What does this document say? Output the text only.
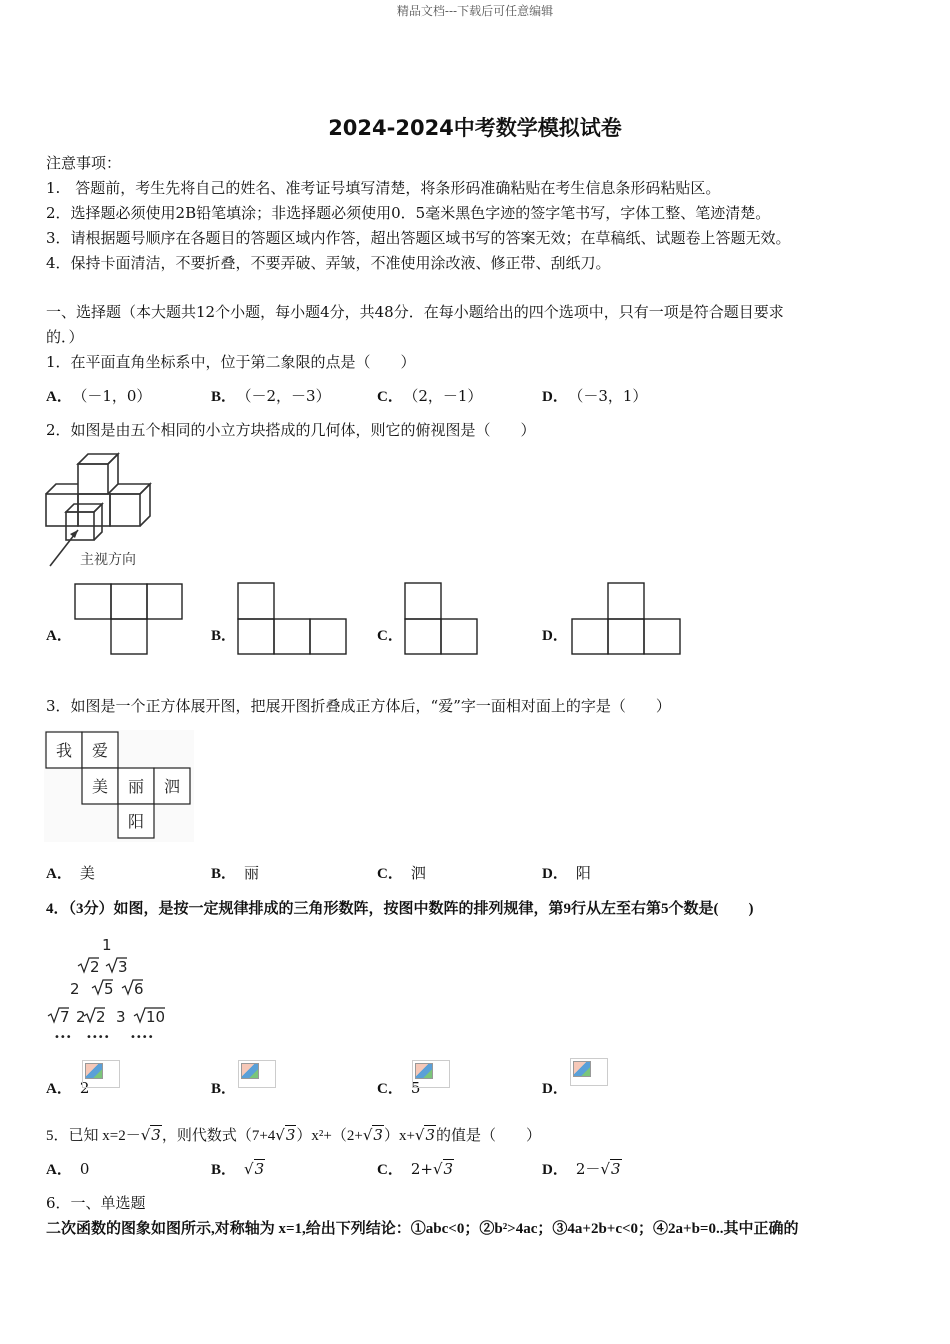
精品文档---下载后可任意编辑
2024-2024中考数学模拟试卷
注意事项：
1.　答题前，考生先将自己的姓名、准考证号填写清楚，将条形码准确粘贴在考生信息条形码粘贴区。
2．选择题必须使用2B铅笔填涂；非选择题必须使用0．5毫米黑色字迹的签字笔书写，字体工整、笔迹清楚。
3．请根据题号顺序在各题目的答题区域内作答，超出答题区域书写的答案无效；在草稿纸、试题卷上答题无效。
4．保持卡面清洁，不要折叠，不要弄破、弄皱，不准使用涂改液、修正带、刮纸刀。
一、选择题（本大题共12个小题，每小题4分，共48分．在每小题给出的四个选项中，只有一项是符合题目要求
的．）
1．在平面直角坐标系中，位于第二象限的点是（　　）
A． （－1，0）	B． （－2，－3）	C． （2，－1）	D． （－3，1）
2．如图是由五个相同的小立方块搭成的几何体，则它的俯视图是（　　）
主视方向
A．	B．	C．	D．
3．如图是一个正方体展开图，把展开图折叠成正方体后，“爱”字一面相对面上的字是（　　）
我 爱
美 丽 泗
阳
A． 美	B． 丽	C． 泗	D． 阳
4．（3分）如图，是按一定规律排成的三角形数阵，按图中数阵的排列规律，第9行从左至右第5个数是(　　)
1
2 3
2 5 6
7 2 2 3 10
••• •••• ••••
A． 2	B．	C． 5	D．
5．已知 x=2－√3，则代数式（7+4√3）x²+（2+√3）x+√3的值是（　　）
A． 0	B． √3	C． 2+√3	D． 2－√3
6．一、单选题
二次函数的图象如图所示,对称轴为 x=1,给出下列结论：①abc<0；②b²>4ac；③4a+2b+c<0；④2a+b=0..其中正确的
